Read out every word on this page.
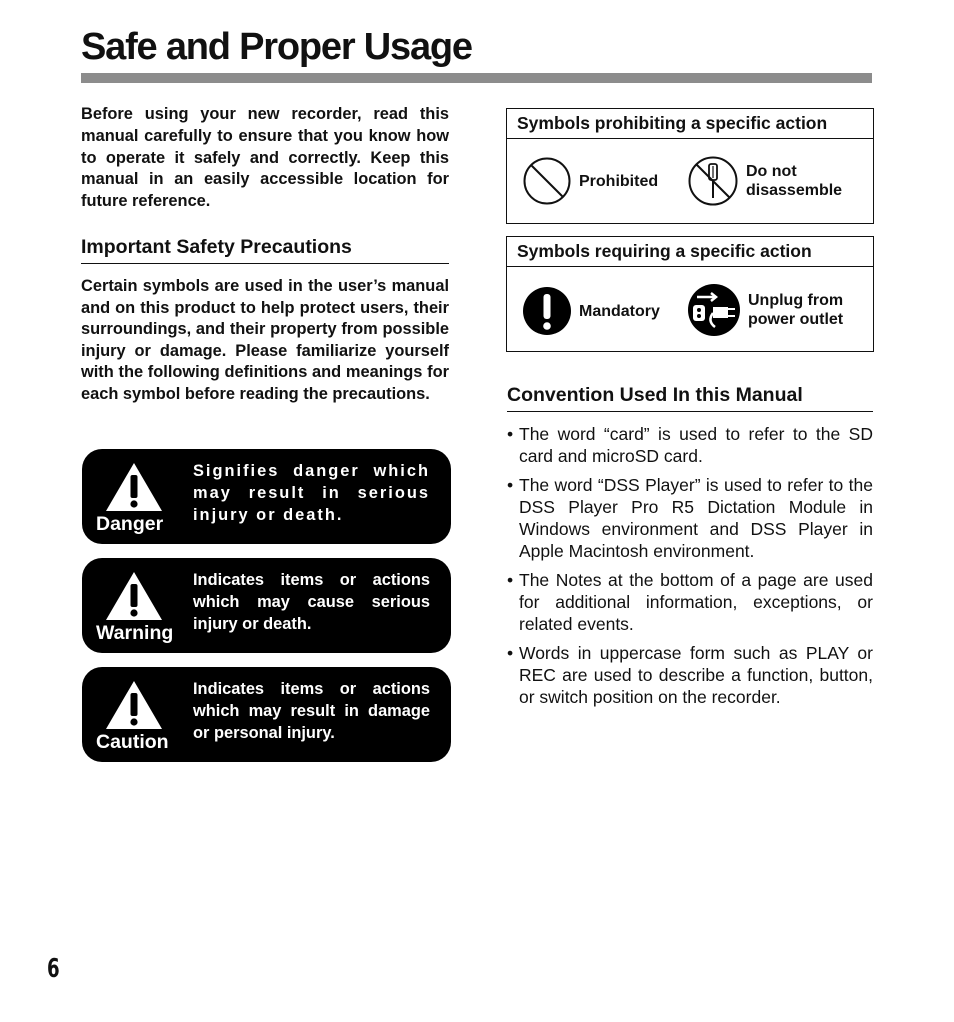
Safe and Proper Usage

Before using your new recorder, read this manual carefully to ensure that you know how to operate it safely and correctly. Keep this manual in an easily accessible location for future reference.

Important Safety Precautions

Certain symbols are used in the user’s manual and on this product to help protect users, their surroundings, and their property from possible injury or damage. Please familiarize yourself with the following definitions and meanings for each symbol before reading the precautions.

Danger
Signifies danger which may result in serious injury or death.
Warning
Indicates items or actions which may cause serious injury or death.
Caution
Indicates items or actions which may result in damage or personal injury.
Symbols prohibiting a specific action
Prohibited
Do not disassemble
Symbols requiring a specific action
Mandatory
Unplug from power outlet
Convention Used In this Manual
• The word “card” is used to refer to the SD card and microSD card.
• The word “DSS Player” is used to refer to the DSS Player Pro R5 Dictation Module in Windows environment and DSS Player in Apple Macintosh environment.
• The Notes at the bottom of a page are used for additional information, exceptions, or related events.
• Words in uppercase form such as PLAY or REC are used to describe a function, button, or switch position on the recorder.
6
